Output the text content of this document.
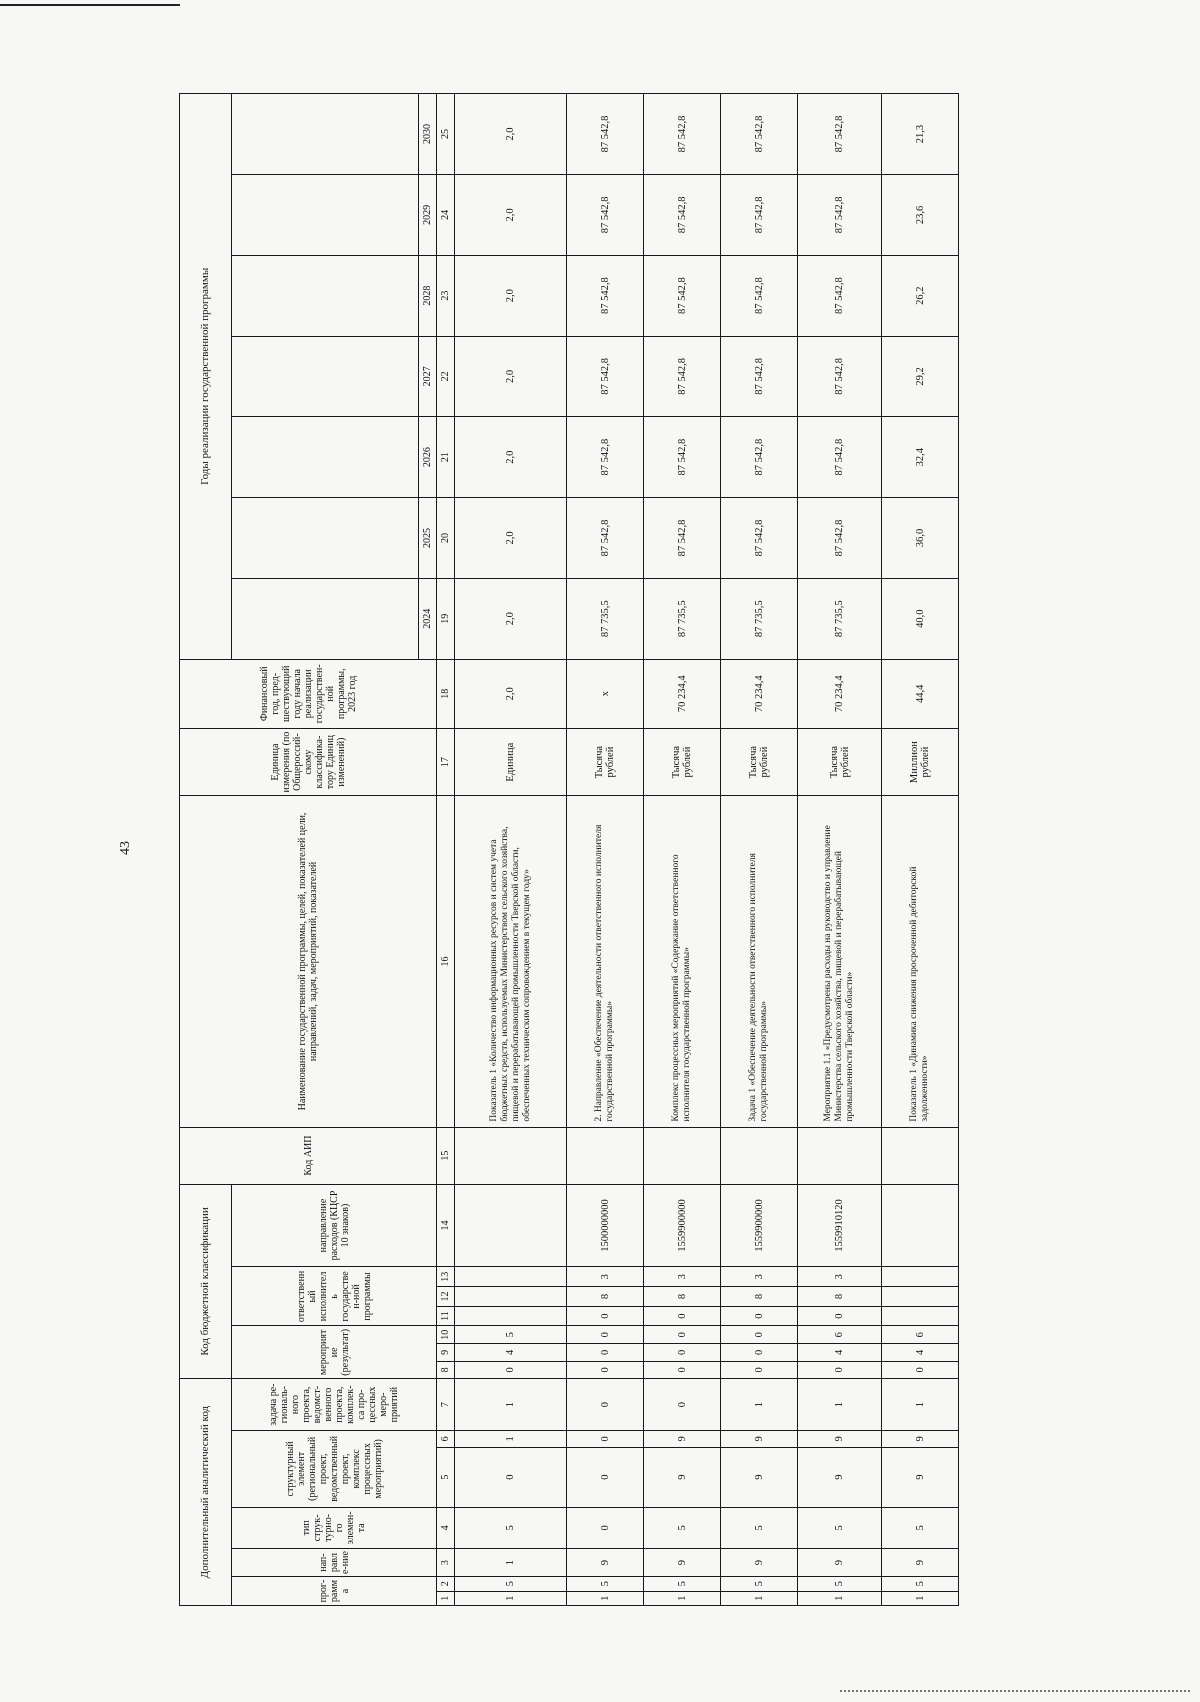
43
Дополнительный аналитический код							Код бюджетной классификации							Код АИП	Наименование государственной программы, целей, показателей цели, направлений, задач, мероприятий, показателей	Единица измерения (по Общероссий-скому классифика-тору Единиц изменений)	Финансовый год, пред-шествующий году начала реализации государствен-ной программы, 2023 год	Годы реализации государственной программы						
прог-рамма		нап-равле-ние	тип струк-турно-го элемен-та	структурный элемент (региональный проект, ведомственный проект, комплекс процессных мероприятий)		задача ре-гиональ-ного проекта, ведомст-венного проекта, комплек-са про-цессных меро-приятий	мероприятие (результат)			ответственный исполнитель государствен-ной программы			направление расходов (КЦСР 10 знаков)											
																		2024	2025	2026	2027	2028	2029	2030
1	2	3	4	5	6	7	8	9	10	11	12	13	14	15	16	17	18	19	20	21	22	23	24	25
1	5	1	5	0	1	1	0	4	5						Показатель 1 «Количество информационных ресурсов и систем учета бюджетных средств, используемых Министерством сельского хозяйства, пищевой и перерабатывающей промышленности Тверской области, обеспеченных техническим сопровождением в текущем году»	Единица	2,0	2,0	2,0	2,0	2,0	2,0	2,0	2,0
1	5	9	0	0	0	0	0	0	0	0	8	3	1500000000		2. Направление «Обеспечение деятельности ответственного исполнителя государственной программы»	Тысяча рублей	х	87 735,5	87 542,8	87 542,8	87 542,8	87 542,8	87 542,8	87 542,8
1	5	9	5	9	9	0	0	0	0	0	8	3	1559900000		Комплекс процессных мероприятий «Содержание ответственного исполнителя государственной программы»	Тысяча рублей	70 234,4	87 735,5	87 542,8	87 542,8	87 542,8	87 542,8	87 542,8	87 542,8
1	5	9	5	9	9	1	0	0	0	0	8	3	1559900000		Задача 1 «Обеспечение деятельности ответственного исполнителя государственной программы»	Тысяча рублей	70 234,4	87 735,5	87 542,8	87 542,8	87 542,8	87 542,8	87 542,8	87 542,8
1	5	9	5	9	9	1	0	4	6	0	8	3	1559910120		Мероприятие 1.1 «Предусмотрены расходы на руководство и управление Министерства сельского хозяйства, пищевой и перерабатывающей промышленности Тверской области»	Тысяча рублей	70 234,4	87 735,5	87 542,8	87 542,8	87 542,8	87 542,8	87 542,8	87 542,8
1	5	9	5	9	9	1	0	4	6						Показатель 1 «Динамика снижения просроченной дебиторской задолженности»	Миллион рублей	44,4	40,0	36,0	32,4	29,2	26,2	23,6	21,3
